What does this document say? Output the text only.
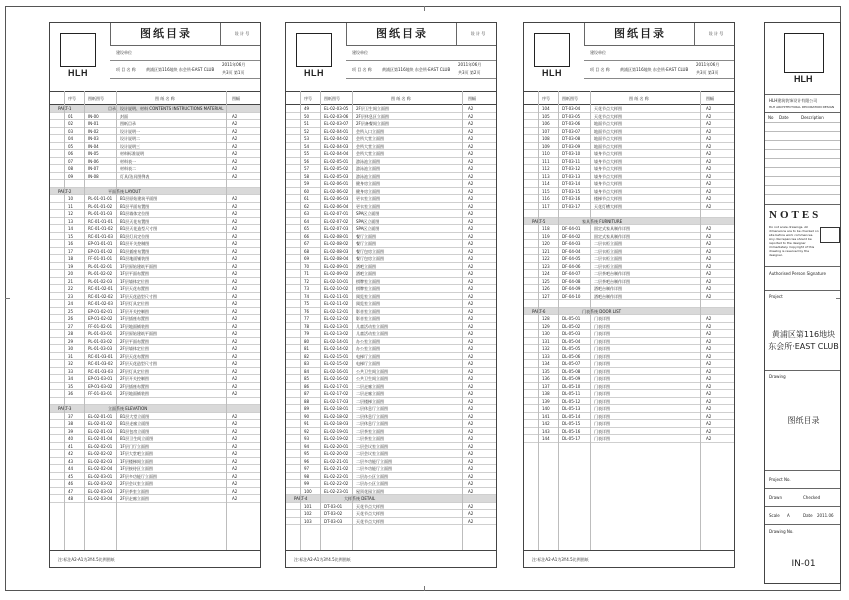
HLH
图纸目录	设 计 号
建设单位
项 目 名 称	黄浦区第116地块 东会所·EAST CLUB
2011年06月
共3页 第1页
序号	图纸图号	图 纸 名 称	图幅
PART-1	目录、设计说明、材料 CONTENTS INSTRUCTIONS MATERIAL
01	IN-00	封面	A2
02	IN-01	图纸目录	A2
03	IN-02	设计说明一	A2
04	IN-03	设计说明二	A2
05	IN-04	设计说明三	A2
06	IN-05	材料标准说明	A2
07	IN-06	材料表一	A2
08	IN-07	材料表二	A2
09	IN-08	灯具/洁具图例表	A2
PART-2	平面系统 LAYOUT
10	PL-01-01-01 B1层原始建筑平面图	A2
11	PL-01-01-02 B1层平面布置图	A2
12	PL-01-01-03 B1层墙体定位图	A2
13	RC-01-01-01 B1层天花布置图	A2
14	RC-01-01-02 B1层天花造型尺寸图	A2
15	RC-01-01-03 B1层灯具定位图	A2
16	EP-01-01-01 B1层开关控制图	A2
17	EP-01-01-02 B1层插座布置图	A2
18	FF-01-01-01 B1层地面铺装图	A2
19	PL-01-02-01 1F层原始建筑平面图	A2
20	PL-01-02-02 1F层平面布置图	A2
21	PL-01-02-03 1F层墙体定位图	A2
22	RC-01-02-01 1F层天花布置图	A2
23	RC-01-02-02 1F层天花造型尺寸图	A2
24	RC-01-02-03 1F层灯具定位图	A2
25	EP-01-02-01 1F层开关控制图	A2
26	EP-01-02-02 1F层插座布置图	A2
27	FF-01-02-01 1F层地面铺装图	A2
28	PL-01-03-01 2F层原始建筑平面图	A2
29	PL-01-03-02 2F层平面布置图	A2
30	PL-01-03-03 2F层墙体定位图	A2
31	RC-01-03-01 2F层天花布置图	A2
32	RC-01-03-02 2F层天花造型尺寸图	A2
33	RC-01-03-03 2F层灯具定位图	A2
34	EP-01-03-01 2F层开关控制图	A2
35	EP-01-03-02 2F层插座布置图	A2
36	FF-01-03-01 2F层地面铺装图	A2
PART-3	立面系统 ELEVATION
37	EL-02-01-01 B1层大堂立面图	A2
38	EL-02-01-02 B1层走廊立面图	A2
39	EL-02-01-03 B1层包房立面图	A2
40	EL-02-01-04 B1层卫生间立面图	A2
41	EL-02-02-01 1F层门厅立面图	A2
42	EL-02-02-02 1F层大堂吧立面图	A2
43	EL-02-02-03 1F层楼梯间立面图	A2
44	EL-02-02-04 1F层接待区立面图	A2
45	EL-02-03-01 2F层多功能厅立面图	A2
46	EL-02-03-02 2F层会议室立面图	A2
47	EL-02-03-03 2F层茶室立面图	A2
48	EL-02-03-04 2F层走廊立面图	A2
注:标注A2-A1为3Y4.5比例图纸
HLH
图纸目录	设 计 号
建设单位
项 目 名 称	黄浦区第116地块 东会所·EAST CLUB
2011年06月
共3页 第2页
序号	图纸图号	图 纸 名 称	图幅
49	EL-02-03-05 2F层卫生间立面图	A2
50	EL-02-03-06 2F层休息区立面图	A2
51	EL-02-03-07 2F层备餐间立面图	A2
52	EL-02-04-01 会所入口立面图	A2
53	EL-02-04-02 会所大堂立面图	A2
54	EL-02-04-03 会所大堂立面图	A2
55	EL-02-04-04 会所大堂立面图	A2
56	EL-02-05-01 游泳池立面图	A2
57	EL-02-05-02 游泳池立面图	A2
58	EL-02-05-03 游泳池立面图	A2
59	EL-02-06-01 健身房立面图	A2
60	EL-02-06-02 健身房立面图	A2
61	EL-02-06-03 更衣室立面图	A2
62	EL-02-06-04 更衣室立面图	A2
63	EL-02-07-01 SPA区立面图	A2
64	EL-02-07-02 SPA区立面图	A2
65	EL-02-07-03 SPA区立面图	A2
66	EL-02-08-01 餐厅立面图	A2
67	EL-02-08-02 餐厅立面图	A2
68	EL-02-08-03 餐厅包房立面图	A2
69	EL-02-08-04 餐厅包房立面图	A2
70	EL-02-09-01 酒吧立面图	A2
71	EL-02-09-02 酒吧立面图	A2
72	EL-02-10-01 棋牌室立面图	A2
73	EL-02-10-02 棋牌室立面图	A2
74	EL-02-11-01 阅览室立面图	A2
75	EL-02-11-02 阅览室立面图	A2
76	EL-02-12-01 影音室立面图	A2
77	EL-02-12-02 影音室立面图	A2
78	EL-02-13-01 儿童活动室立面图	A2
79	EL-02-13-02 儿童活动室立面图	A2
80	EL-02-14-01 办公室立面图	A2
81	EL-02-14-02 办公室立面图	A2
82	EL-02-15-01 电梯厅立面图	A2
83	EL-02-15-02 电梯厅立面图	A2
84	EL-02-16-01 公共卫生间立面图	A2
85	EL-02-16-02 公共卫生间立面图	A2
86	EL-02-17-01 二层走廊立面图	A2
87	EL-02-17-02 二层走廊立面图	A2
88	EL-02-17-03 二层楼梯立面图	A2
89	EL-02-18-01 二层休息厅立面图	A2
90	EL-02-18-02 二层休息厅立面图	A2
91	EL-02-18-03 二层休息厅立面图	A2
92	EL-02-19-01 二层茶室立面图	A2
93	EL-02-19-02 二层茶室立面图	A2
94	EL-02-20-01 二层会议室立面图	A2
95	EL-02-20-02 二层会议室立面图	A2
96	EL-02-21-01 二层多功能厅立面图	A2
97	EL-02-21-02 二层多功能厅立面图	A2
98	EL-02-22-01 二层办公区立面图	A2
99	EL-02-22-02 二层办公区立面图	A2
100	EL-02-23-01 屋顶花园立面图	A2
PART-4	大样系统 DETAIL
101	DT-03-01	天花节点大样图	A2
102	DT-03-02	天花节点大样图	A2
103	DT-03-03	天花节点大样图	A2
注:标注A2-A1为3Y4.5比例图纸
HLH
图纸目录	设 计 号
建设单位
项 目 名 称	黄浦区第116地块 东会所·EAST CLUB
2011年06月
共3页 第3页
序号	图纸图号	图 纸 名 称	图幅
104	DT-03-04	天花节点大样图	A2
105	DT-03-05	天花节点大样图	A2
106	DT-03-06	地面节点大样图	A2
107	DT-03-07	地面节点大样图	A2
108	DT-03-08	地面节点大样图	A2
109	DT-03-09	地面节点大样图	A2
110	DT-03-10	墙身节点大样图	A2
111	DT-03-11	墙身节点大样图	A2
112	DT-03-12	墙身节点大样图	A2
113	DT-03-13	墙身节点大样图	A2
114	DT-03-14	墙身节点大样图	A2
115	DT-03-15	墙身节点大样图	A2
116	DT-03-16	楼梯节点大样图	A2
117	DT-03-17	天花灯槽大样图	A2
PART-5	家具系统 FURNITURE
118	DF-04-01	固定式家具制作详图	A2
119	DF-04-02	固定式家具制作详图	A2
120	DF-04-03	二层衣柜立面图	A2
121	DF-04-04	二层衣柜立面图	A2
122	DF-04-05	二层衣柜立面图	A2
123	DF-04-06	二层衣柜立面图	A2
124	DF-04-07	二层茶吧台制作详图	A2
125	DF-04-08	二层茶吧台制作详图	A2
126	DF-04-09	酒吧台制作详图	A2
127	DF-04-10	酒吧台制作详图	A2
PART-6	门表系统 DOOR LIST
128	DL-05-01	门表详图	A2
129	DL-05-02	门表详图	A2
130	DL-05-03	门表详图	A2
131	DL-05-04	门表详图	A2
132	DL-05-05	门表详图	A2
133	DL-05-06	门表详图	A2
134	DL-05-07	门表详图	A2
135	DL-05-08	门表详图	A2
136	DL-05-09	门表详图	A2
137	DL-05-10	门表详图	A2
138	DL-05-11	门表详图	A2
139	DL-05-12	门表详图	A2
140	DL-05-13	门表详图	A2
141	DL-05-14	门表详图	A2
142	DL-05-15	门表详图	A2
143	DL-05-16	门表详图	A2
144	DL-05-17	门表详图	A2
注:标注A2-A1为3Y4.5比例图纸
HLH
HLH建筑装饰设计有限公司
HLH ARCHITECTURAL DECORATION DESIGN
No Date	Description
NOTES
Do not scale drawings. All dimensions are to be checked on site before work commences. Any discrepancies should be reported to the designer immediately. Copyright of this drawing is reserved by the designer.
Authorised Person Signature
Project
黄浦区第116地块
东会所·EAST CLUB
Drawing
图纸目录
Project No.
Drawn	Checked
Scale A	Date 2011.06
Drawing No.
IN-01
